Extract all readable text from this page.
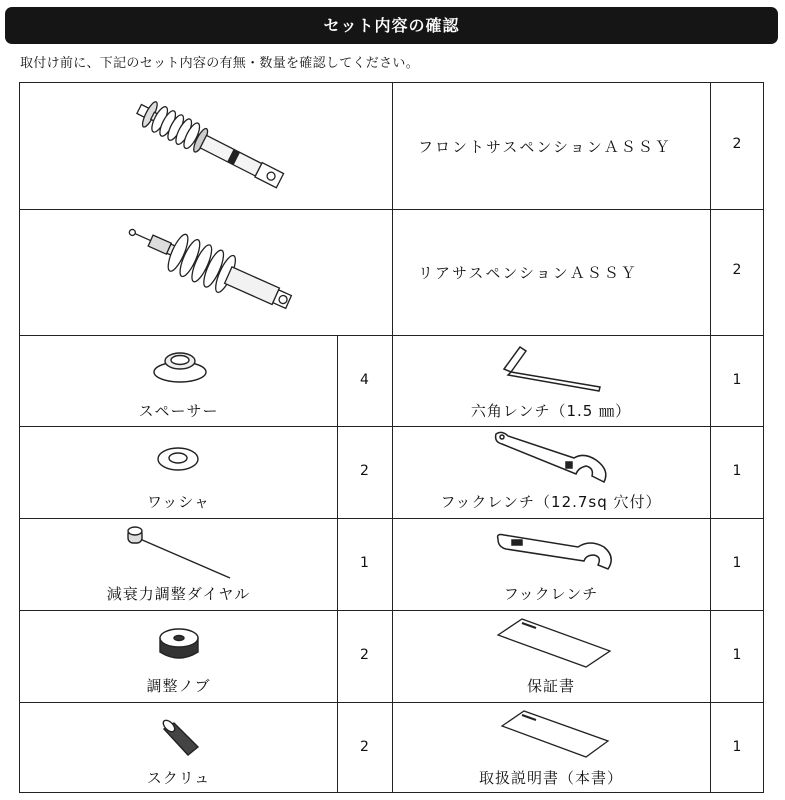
セット内容の確認
取付け前に、下記のセット内容の有無・数量を確認してください。
フロントサスペンションＡＳＳＹ	2
リアサスペンションＡＳＳＹ	2
スペーサー
4
六角レンチ（1.5 ㎜）
1
ワッシャ
2
フックレンチ（12.7sq 穴付）
1
減衰力調整ダイヤル
1
フックレンチ
1
調整ノブ
2
保証書
1
スクリュ
2
取扱説明書（本書）
1
